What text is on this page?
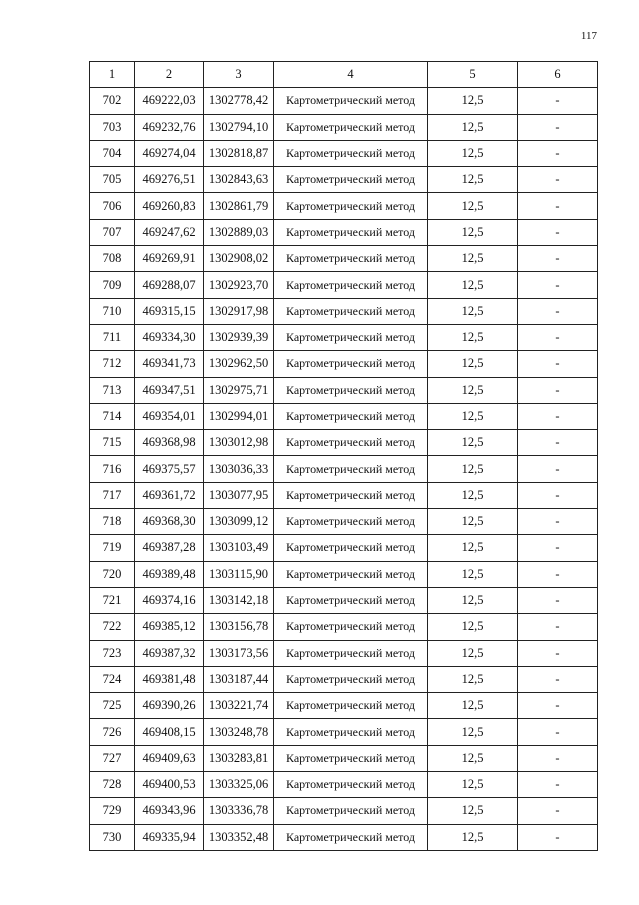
117
1	2	3	4	5	6
702	469222,03	1302778,42	Картометрический метод	12,5	-
703	469232,76	1302794,10	Картометрический метод	12,5	-
704	469274,04	1302818,87	Картометрический метод	12,5	-
705	469276,51	1302843,63	Картометрический метод	12,5	-
706	469260,83	1302861,79	Картометрический метод	12,5	-
707	469247,62	1302889,03	Картометрический метод	12,5	-
708	469269,91	1302908,02	Картометрический метод	12,5	-
709	469288,07	1302923,70	Картометрический метод	12,5	-
710	469315,15	1302917,98	Картометрический метод	12,5	-
711	469334,30	1302939,39	Картометрический метод	12,5	-
712	469341,73	1302962,50	Картометрический метод	12,5	-
713	469347,51	1302975,71	Картометрический метод	12,5	-
714	469354,01	1302994,01	Картометрический метод	12,5	-
715	469368,98	1303012,98	Картометрический метод	12,5	-
716	469375,57	1303036,33	Картометрический метод	12,5	-
717	469361,72	1303077,95	Картометрический метод	12,5	-
718	469368,30	1303099,12	Картометрический метод	12,5	-
719	469387,28	1303103,49	Картометрический метод	12,5	-
720	469389,48	1303115,90	Картометрический метод	12,5	-
721	469374,16	1303142,18	Картометрический метод	12,5	-
722	469385,12	1303156,78	Картометрический метод	12,5	-
723	469387,32	1303173,56	Картометрический метод	12,5	-
724	469381,48	1303187,44	Картометрический метод	12,5	-
725	469390,26	1303221,74	Картометрический метод	12,5	-
726	469408,15	1303248,78	Картометрический метод	12,5	-
727	469409,63	1303283,81	Картометрический метод	12,5	-
728	469400,53	1303325,06	Картометрический метод	12,5	-
729	469343,96	1303336,78	Картометрический метод	12,5	-
730	469335,94	1303352,48	Картометрический метод	12,5	-
